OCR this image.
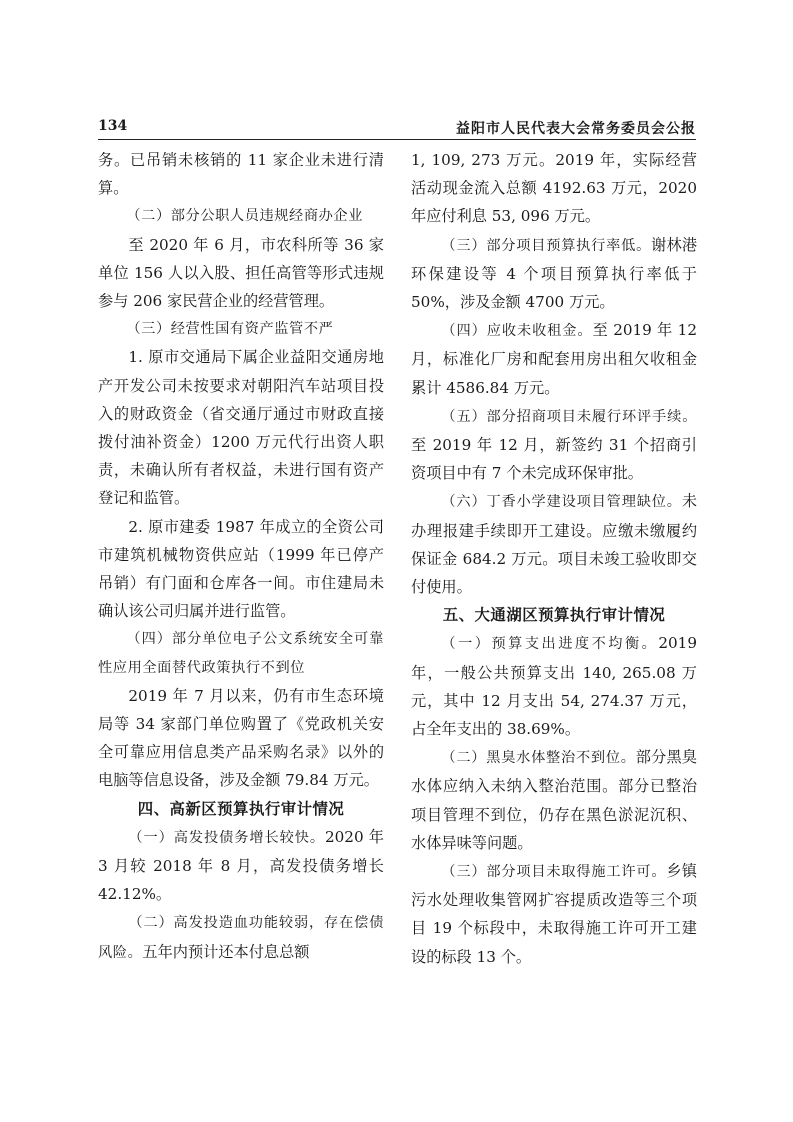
134	益阳市人民代表大会常务委员会公报

务。已吊销未核销的 11 家企业未进行清算。

（二）部分公职人员违规经商办企业

至 2020 年 6 月，市农科所等 36 家单位 156 人以入股、担任高管等形式违规参与 206 家民营企业的经营管理。

（三）经营性国有资产监管不严

1. 原市交通局下属企业益阳交通房地产开发公司未按要求对朝阳汽车站项目投入的财政资金（省交通厅通过市财政直接拨付油补资金）1200 万元代行出资人职责，未确认所有者权益，未进行国有资产登记和监管。

2. 原市建委 1987 年成立的全资公司市建筑机械物资供应站（1999 年已停产吊销）有门面和仓库各一间。市住建局未确认该公司归属并进行监管。

（四）部分单位电子公文系统安全可靠性应用全面替代政策执行不到位

2019 年 7 月以来，仍有市生态环境局等 34 家部门单位购置了《党政机关安全可靠应用信息类产品采购名录》以外的电脑等信息设备，涉及金额 79.84 万元。

四、高新区预算执行审计情况

（一）高发投债务增长较快。2020 年 3 月较 2018 年 8 月，高发投债务增长 42.12%。

（二）高发投造血功能较弱，存在偿债风险。五年内预计还本付息总额

1, 109, 273 万元。2019 年，实际经营活动现金流入总额 4192.63 万元，2020 年应付利息 53, 096 万元。

（三）部分项目预算执行率低。谢林港环保建设等 4 个项目预算执行率低于 50%，涉及金额 4700 万元。

（四）应收未收租金。至 2019 年 12 月，标准化厂房和配套用房出租欠收租金累计 4586.84 万元。

（五）部分招商项目未履行环评手续。至 2019 年 12 月，新签约 31 个招商引资项目中有 7 个未完成环保审批。

（六）丁香小学建设项目管理缺位。未办理报建手续即开工建设。应缴未缴履约保证金 684.2 万元。项目未竣工验收即交付使用。

五、大通湖区预算执行审计情况

（一）预算支出进度不均衡。2019 年，一般公共预算支出 140, 265.08 万元，其中 12 月支出 54, 274.37 万元，占全年支出的 38.69%。

（二）黑臭水体整治不到位。部分黑臭水体应纳入未纳入整治范围。部分已整治项目管理不到位，仍存在黑色淤泥沉积、水体异味等问题。

（三）部分项目未取得施工许可。乡镇污水处理收集管网扩容提质改造等三个项目 19 个标段中，未取得施工许可开工建设的标段 13 个。
